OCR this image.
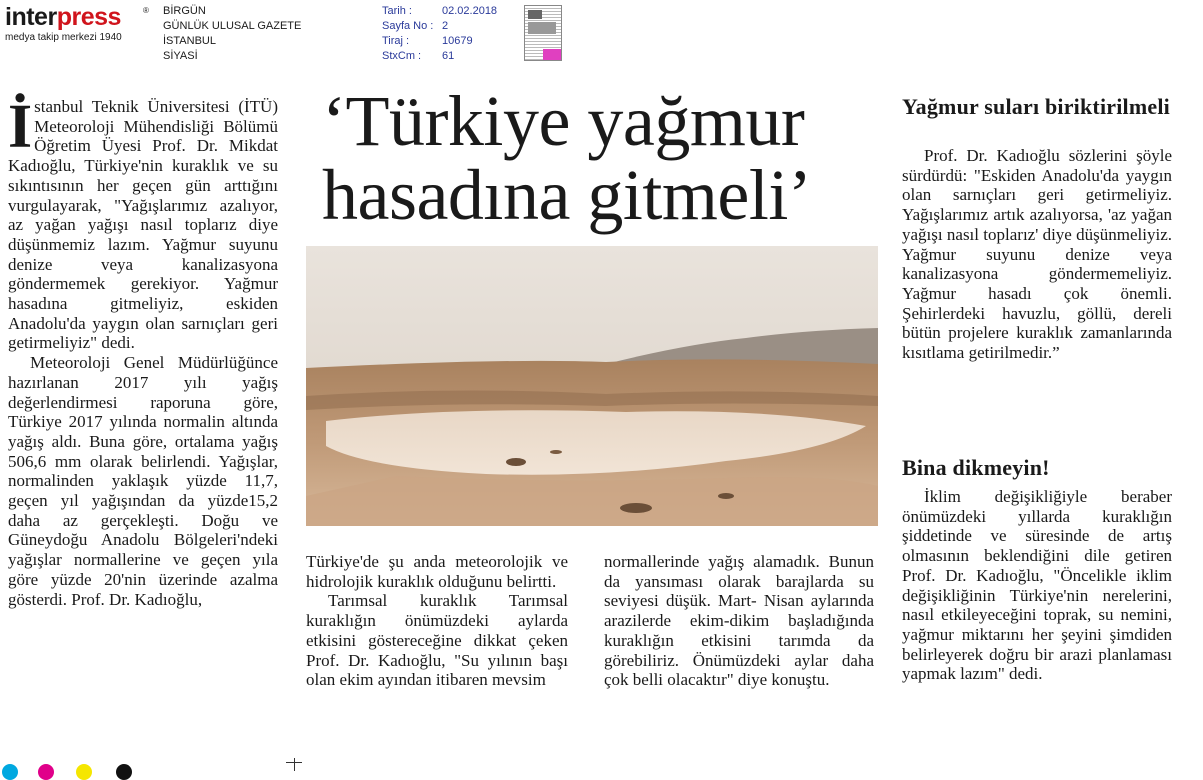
interpress	®
medya takip merkezi 1940
BİRGÜN
GÜNLÜK ULUSAL GAZETE
İSTANBUL
SİYASİ
Tarih :	02.02.2018
Sayfa No : 2
Tiraj :	10679
StxCm :	61
‘Türkiye yağmur
hasadına gitmeli’

İstanbul Teknik Üniversitesi (İTÜ) Meteoroloji Mühendisliği Bölümü Öğretim Üyesi Prof. Dr. Mikdat Kadıoğlu, Türkiye'nin kuraklık ve su sıkıntısının her geçen gün arttığını vurgulayarak, "Yağışlarımız azalıyor, az yağan yağışı nasıl toplarız diye düşünmemiz lazım. Yağmur suyunu denize veya kanalizasyona göndermemek gerekiyor. Yağmur hasadına gitmeliyiz, eskiden Anadolu'da yaygın olan sarnıçları geri getirmeliyiz" dedi.

Meteoroloji Genel Müdürlüğünce hazırlanan 2017 yılı yağış değerlendirmesi raporuna göre, Türkiye 2017 yılında normalin altında yağış aldı. Buna göre, ortalama yağış 506,6 mm olarak belirlendi. Yağışlar, normalinden yaklaşık yüzde 11,7, geçen yıl yağışından da yüzde15,2 daha az gerçekleşti. Doğu ve Güneydoğu Anadolu Bölgeleri'ndeki yağışlar normallerine ve geçen yıla göre yüzde 20'nin üzerinde azalma gösterdi. Prof. Dr. Kadıoğlu,

Türkiye'de şu anda meteorolojik ve hidrolojik kuraklık olduğunu belirtti.

Tarımsal kuraklık Tarımsal kuraklığın önümüzdeki aylarda etkisini göstereceğine dikkat çeken Prof. Dr. Kadıoğlu, "Su yılının başı olan ekim ayından itibaren mevsim

normallerinde yağış alamadık. Bunun da yansıması olarak barajlarda su seviyesi düşük. Mart- Nisan aylarında arazilerde ekim-dikim başladığında kuraklığın etkisini tarımda da görebiliriz. Önümüzdeki aylar daha çok belli olacaktır" diye konuştu.

Yağmur suları biriktirilmeli

Prof. Dr. Kadıoğlu sözlerini şöyle sürdürdü: "Eskiden Anadolu'da yaygın olan sarnıçları geri getirmeliyiz. Yağışlarımız artık azalıyorsa, 'az yağan yağışı nasıl toplarız' diye düşünmeliyiz. Yağmur suyunu denize veya kanalizasyona göndermemeliyiz. Yağmur hasadı çok önemli. Şehirlerdeki havuzlu, göllü, dereli bütün projelere kuraklık zamanlarında kısıtlama getirilmedir.”

Bina dikmeyin!

İklim değişikliğiyle beraber önümüzdeki yıllarda kuraklığın şiddetinde ve süresinde de artış olmasının beklendiğini dile getiren Prof. Dr. Kadıoğlu, "Öncelikle iklim değişikliğinin Türkiye'nin nerelerini, nasıl etkileyeceğini toprak, su nemini, yağmur miktarını her şeyini şimdiden belirleyerek doğru bir arazi planlaması yapmak lazım" dedi.
